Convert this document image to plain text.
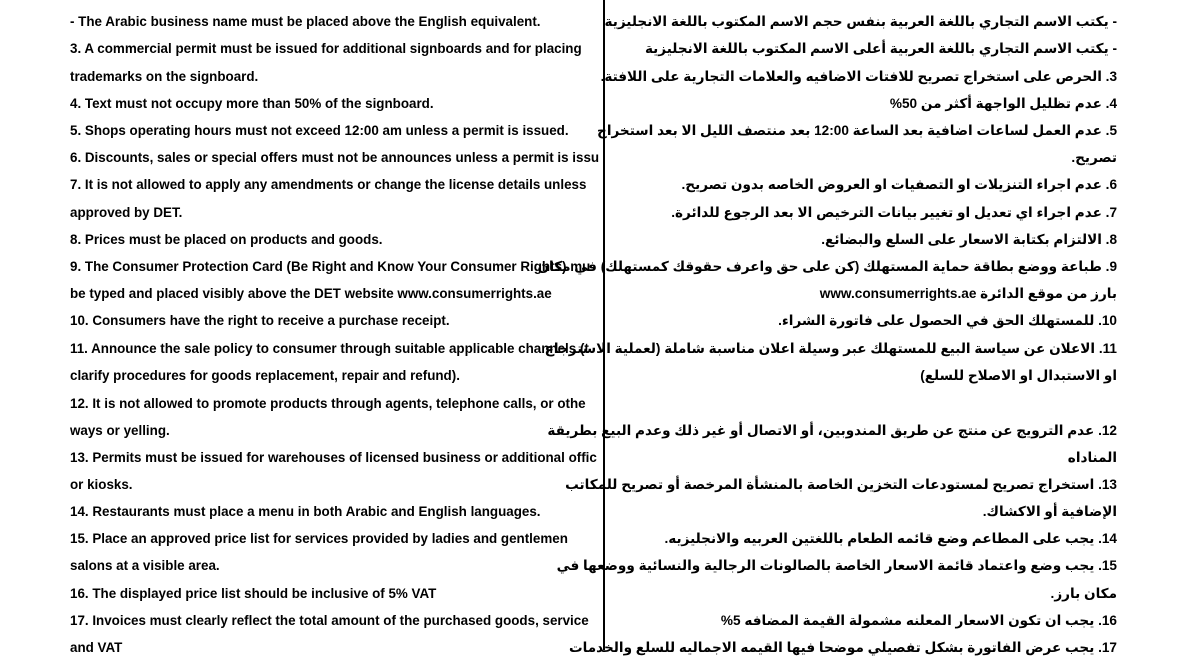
- The Arabic business name must be placed above the English equivalent.
3. A commercial permit must be issued for additional signboards and for placing
trademarks on the signboard.
4. Text must not occupy more than 50% of the signboard.
5. Shops operating hours must not exceed 12:00 am unless a permit is issued.
6. Discounts, sales or special offers must not be announces unless a permit is issu
7. It is not allowed to apply any amendments or change the license details unless
approved by DET.
8. Prices must be placed on products and goods.
9. The Consumer Protection Card (Be Right and Know Your Consumer Rights) mu
be typed and placed visibly above the DET website www.consumerrights.ae
10. Consumers have the right to receive a purchase receipt.
11. Announce the sale policy to consumer through suitable applicable channels (t
clarify procedures for goods replacement, repair and refund).
12. It is not allowed to promote products through agents, telephone calls, or othe
ways or yelling.
13. Permits must be issued for warehouses of licensed business or additional offic
or kiosks.
14. Restaurants must place a menu in both Arabic and English languages.
15. Place an approved price list for services provided by ladies and gentlemen
salons at a visible area.
16. The displayed price list should be inclusive of 5% VAT
17. Invoices must clearly reflect the total amount of the purchased goods, service
and VAT
- يكتب الاسم التجاري باللغة العربية بنفس حجم الاسم المكتوب باللغة الانجليزية
- يكتب الاسم التجاري باللغة العربية أعلى الاسم المكتوب باللغة الانجليزية
3. الحرص على استخراج تصريح للافتات الاضافيه والعلامات التجارية على اللافتة.
4. عدم تظليل الواجهة أكثر من 50%
5. عدم العمل لساعات اضافية بعد الساعة 12:00 بعد منتصف الليل الا بعد استخراج
تصريح.
6. عدم اجراء التنزيلات او التصفيات او العروض الخاصه بدون تصريح.
7. عدم اجراء اي تعديل او تغيير بيانات الترخيص الا بعد الرجوع للدائرة.
8. الالتزام بكتابة الاسعار على السلع والبضائع.
9. طباعة ووضع بطاقة حماية المستهلك (كن على حق واعرف حقوقك كمستهلك) في مكان
بارز من موقع الدائرة www.consumerrights.ae
10. للمستهلك الحق في الحصول على فاتورة الشراء.
11. الاعلان عن سياسة البيع للمستهلك عبر وسيلة اعلان مناسبة شاملة (لعملية الاسترجاع
او الاستبدال او الاصلاح للسلع)
12. عدم الترويج عن منتج عن طريق المندوبين، أو الاتصال أو غير ذلك وعدم البيع بطريقة
المناداه
13. استخراج تصريح لمستودعات التخزين الخاصة بالمنشأة المرخصة أو تصريح للمكاتب
الإضافية أو الاكشاك.
14. يجب على المطاعم وضع قائمه الطعام باللغتين العربيه والانجليزيه.
15. يجب وضع واعتماد قائمة الاسعار الخاصة بالصالونات الرجالية والنسائية ووضعها في
مكان بارز.
16. يجب ان تكون الاسعار المعلنه مشمولة القيمة المضافه 5%
17. يجب عرض الفاتورة بشكل تفصيلي موضحا فيها القيمه الاجماليه للسلع والخدمات
